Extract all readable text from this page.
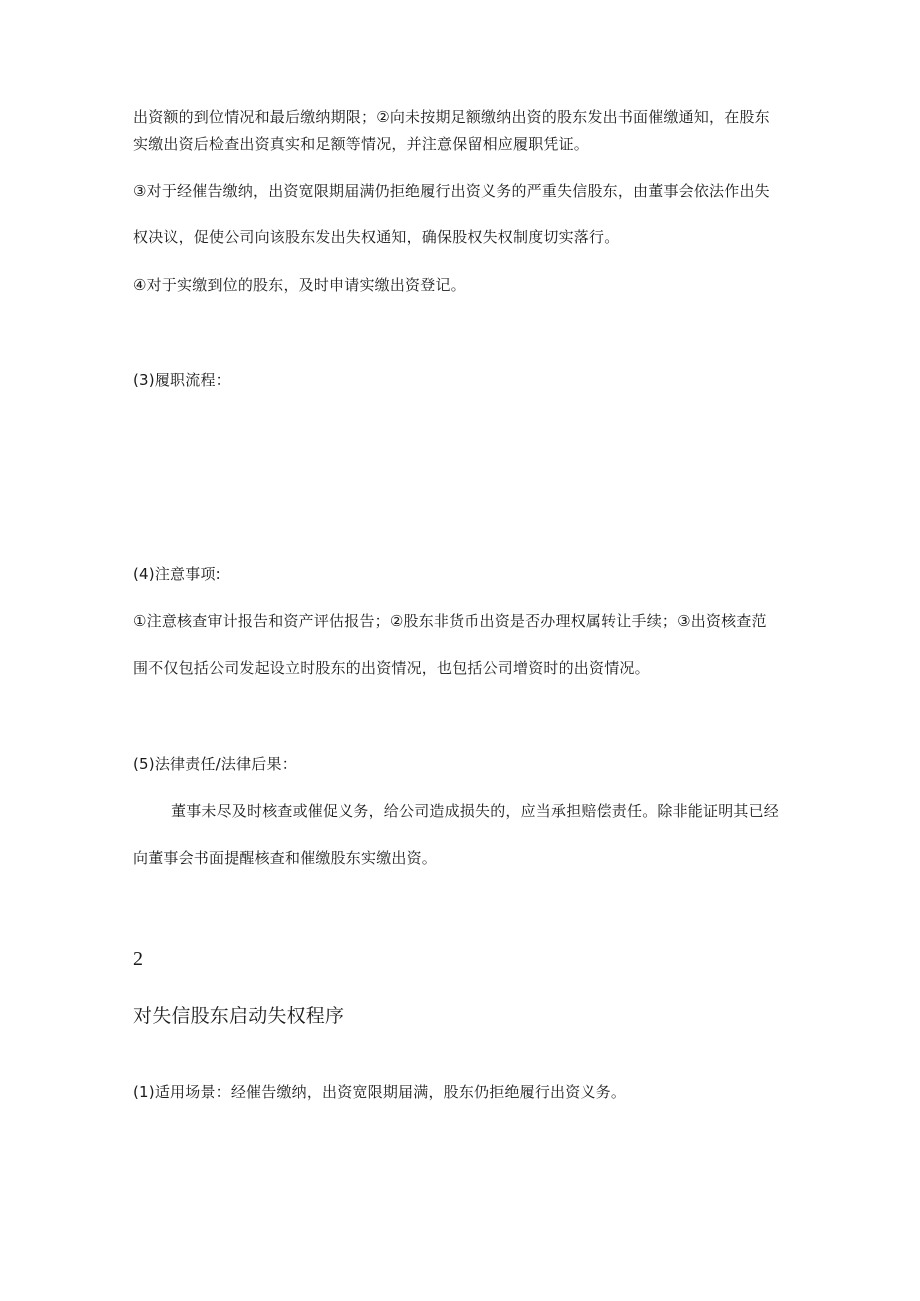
出资额的到位情况和最后缴纳期限；②向未按期足额缴纳出资的股东发出书面催缴通知，在股东
实缴出资后检查出资真实和足额等情况，并注意保留相应履职凭证。
③对于经催告缴纳，出资宽限期届满仍拒绝履行出资义务的严重失信股东，由董事会依法作出失
权决议，促使公司向该股东发出失权通知，确保股权失权制度切实落行。
④对于实缴到位的股东，及时申请实缴出资登记。
(3)履职流程：
(4)注意事项:
①注意核查审计报告和资产评估报告；②股东非货币出资是否办理权属转让手续；③出资核查范
围不仅包括公司发起设立时股东的出资情况，也包括公司增资时的出资情况。
(5)法律责任/法律后果：
董事未尽及时核查或催促义务，给公司造成损失的，应当承担赔偿责任。除非能证明其已经
向董事会书面提醒核查和催缴股东实缴出资。
2
对失信股东启动失权程序
(1)适用场景：经催告缴纳，出资宽限期届满，股东仍拒绝履行出资义务。
